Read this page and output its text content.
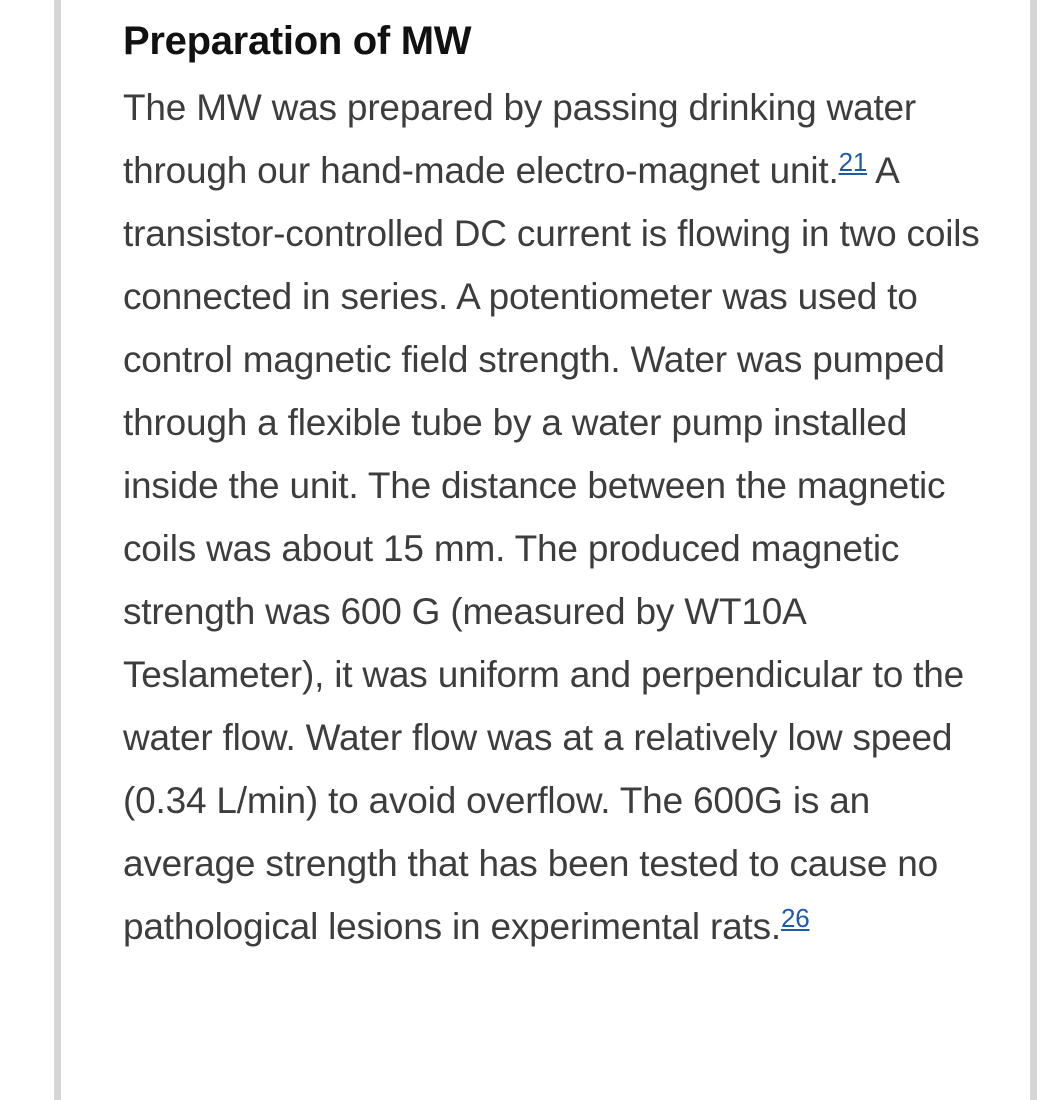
Preparation of MW

The MW was prepared by passing drinking water through our hand-made electro-magnet unit.$^{21}$ A transistor-controlled DC current is flowing in two coils connected in series. A potentiometer was used to control magnetic field strength. Water was pumped through a flexible tube by a water pump installed inside the unit. The distance between the magnetic coils was about 15 mm. The produced magnetic strength was 600 G (measured by WT10A Teslameter), it was uniform and perpendicular to the water flow. Water flow was at a relatively low speed (0.34 L/min) to avoid overflow. The 600G is an average strength that has been tested to cause no pathological lesions in experimental rats.$^{26}$
